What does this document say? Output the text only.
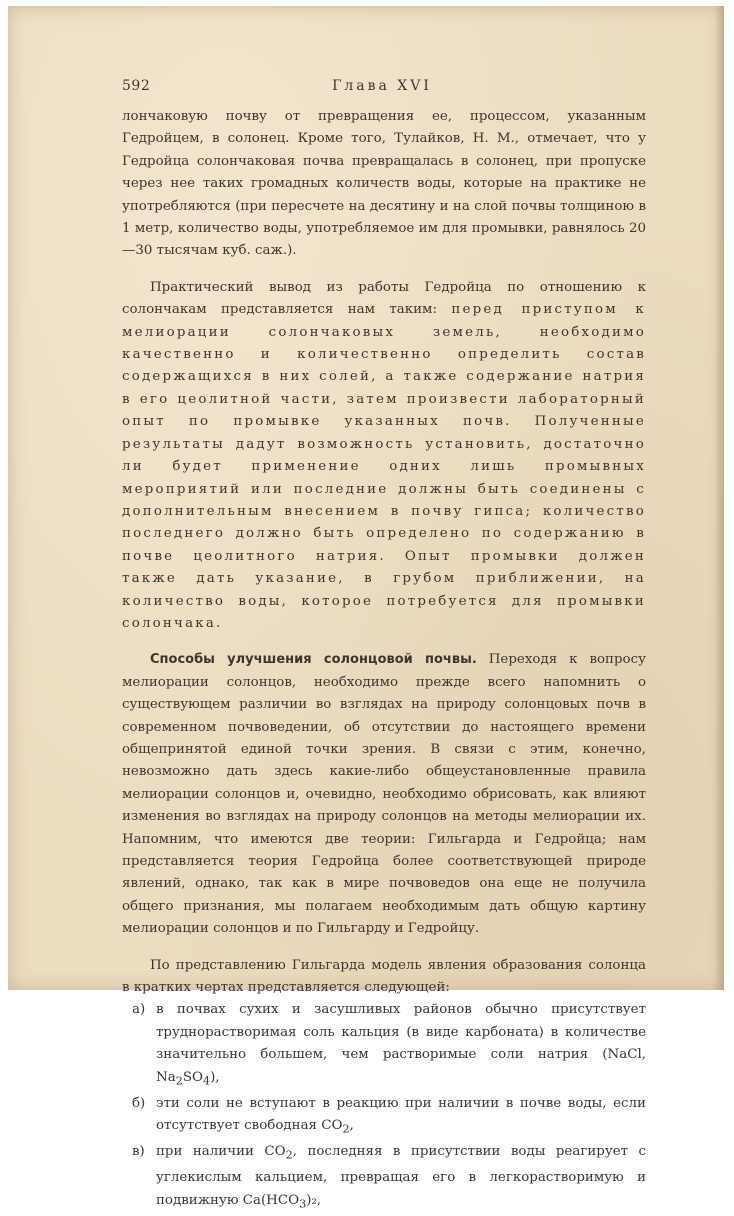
592	Глава XVI

лончаковую почву от превращения ее, процессом, указанным Гедройцем, в солонец. Кроме того, Тулайков, Н. М., отмечает, что у Гедройца солончаковая почва превращалась в солонец, при пропуске через нее таких громадных количеств воды, которые на практике не употребляются (при пересчете на десятину и на слой почвы толщиною в 1 метр, количество воды, употребляемое им для промывки, равнялось 20—30 тысячам куб. саж.).

Практический вывод из работы Гедройца по отношению к солончакам представляется нам таким: перед приступом к мелиорации солончаковых земель, необходимо качественно и количественно определить состав содержащихся в них солей, а также содержание натрия в его цеолитной части, затем произвести лабораторный опыт по промывке указанных почв. Полученные результаты дадут возможность установить, достаточно ли будет применение одних лишь промывных мероприятий или последние должны быть соединены с дополнительным внесением в почву гипса; количество последнего должно быть определено по содержанию в почве цеолитного натрия. Опыт промывки должен также дать указание, в грубом приближении, на количество воды, которое потребуется для промывки солончака.

Способы улучшения солонцовой почвы. Переходя к вопросу мелиорации солонцов, необходимо прежде всего напомнить о существующем различии во взглядах на природу солонцовых почв в современном почвоведении, об отсутствии до настоящего времени общепринятой единой точки зрения. В связи с этим, конечно, невозможно дать здесь какие-либо общеустановленные правила мелиорации солонцов и, очевидно, необходимо обрисовать, как влияют изменения во взглядах на природу солонцов на методы мелиорации их. Напомним, что имеются две теории: Гильгарда и Гедройца; нам представляется теория Гедройца более соответствующей природе явлений, однако, так как в мире почвоведов она еще не получила общего признания, мы полагаем необходимым дать общую картину мелиорации солонцов и по Гильгарду и Гедройцу.

По представлению Гильгарда модель явления образования солонца в кратких чертах представляется следующей:

а) в почвах сухих и засушливых районов обычно присутствует труднорастворимая соль кальция (в виде карбоната) в количестве значительно большем, чем растворимые соли натрия (NaCl, $Na_2SO_4$),
б) эти соли не вступают в реакцию при наличии в почве воды, если отсутствует свободная $CO_2$,
в) при наличии $CO_2$, последняя в присутствии воды реагирует с углекислым кальцием, превращая его в легкорастворимую и подвижную $Ca(HCO_3)_2$,
